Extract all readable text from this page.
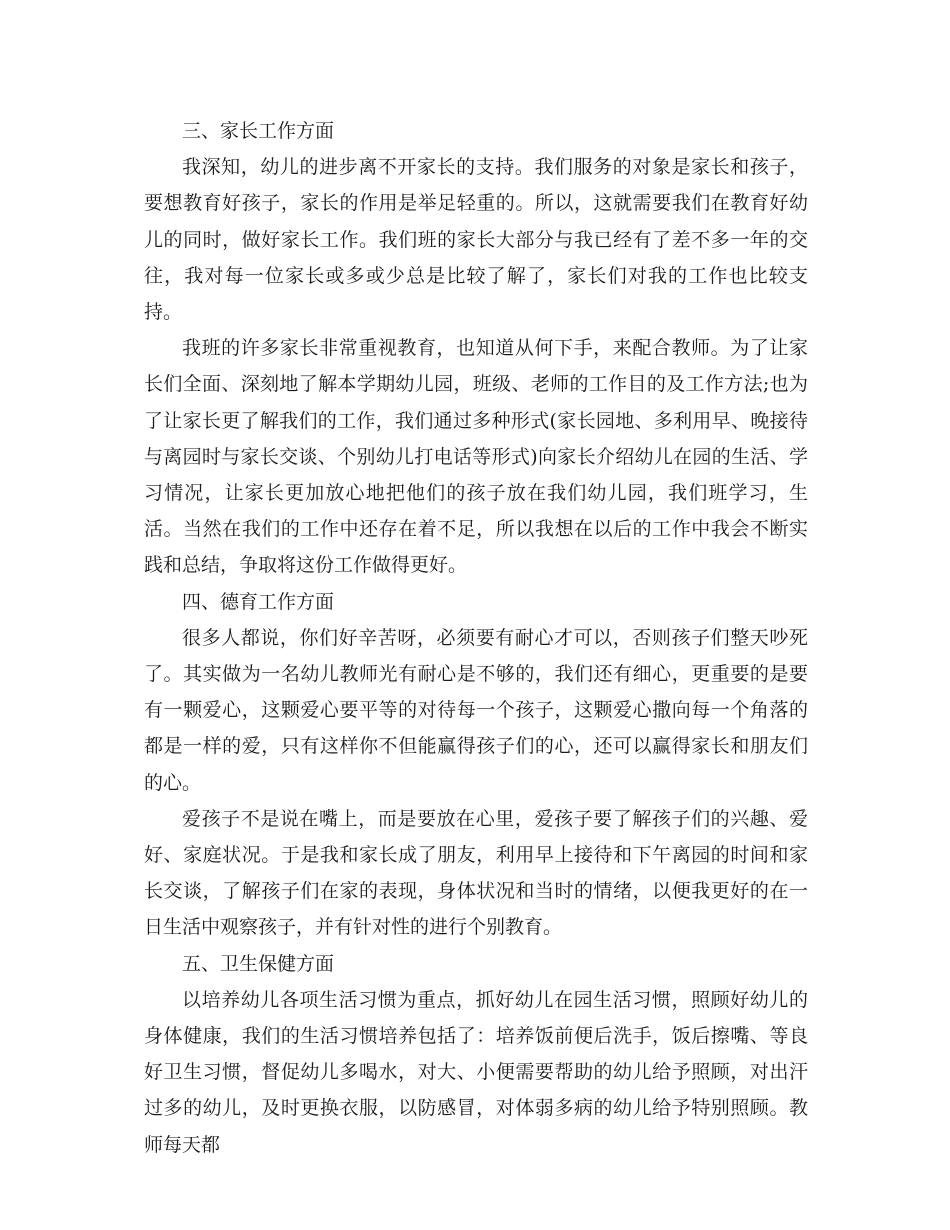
三、家长工作方面

我深知，幼儿的进步离不开家长的支持。我们服务的对象是家长和孩子，要想教育好孩子，家长的作用是举足轻重的。所以，这就需要我们在教育好幼儿的同时，做好家长工作。我们班的家长大部分与我已经有了差不多一年的交往，我对每一位家长或多或少总是比较了解了，家长们对我的工作也比较支持。

我班的许多家长非常重视教育，也知道从何下手，来配合教师。为了让家长们全面、深刻地了解本学期幼儿园，班级、老师的工作目的及工作方法;也为了让家长更了解我们的工作，我们通过多种形式(家长园地、多利用早、晚接待与离园时与家长交谈、个别幼儿打电话等形式)向家长介绍幼儿在园的生活、学习情况，让家长更加放心地把他们的孩子放在我们幼儿园，我们班学习，生活。当然在我们的工作中还存在着不足，所以我想在以后的工作中我会不断实践和总结，争取将这份工作做得更好。

四、德育工作方面

很多人都说，你们好辛苦呀，必须要有耐心才可以，否则孩子们整天吵死了。其实做为一名幼儿教师光有耐心是不够的，我们还有细心，更重要的是要有一颗爱心，这颗爱心要平等的对待每一个孩子，这颗爱心撒向每一个角落的都是一样的爱，只有这样你不但能赢得孩子们的心，还可以赢得家长和朋友们的心。

爱孩子不是说在嘴上，而是要放在心里，爱孩子要了解孩子们的兴趣、爱好、家庭状况。于是我和家长成了朋友，利用早上接待和下午离园的时间和家长交谈，了解孩子们在家的表现，身体状况和当时的情绪，以便我更好的在一日生活中观察孩子，并有针对性的进行个别教育。

五、卫生保健方面

以培养幼儿各项生活习惯为重点，抓好幼儿在园生活习惯，照顾好幼儿的身体健康，我们的生活习惯培养包括了：培养饭前便后洗手，饭后擦嘴、等良好卫生习惯，督促幼儿多喝水，对大、小便需要帮助的幼儿给予照顾，对出汗过多的幼儿，及时更换衣服，以防感冒，对体弱多病的幼儿给予特别照顾。教师每天都
